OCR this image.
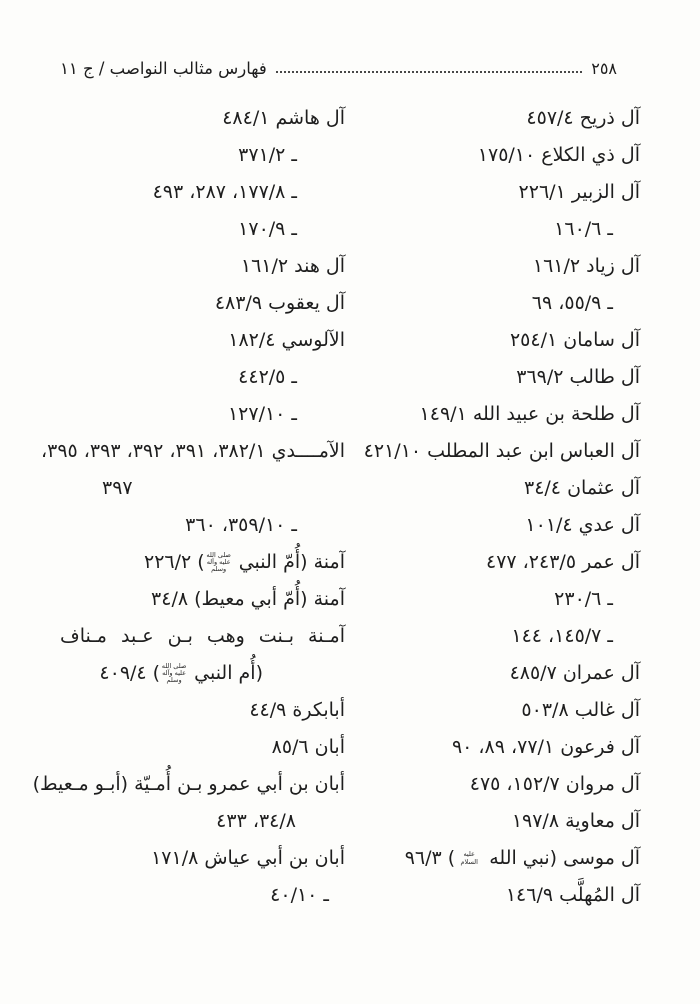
فهارس مثالب النواصب / ج ١١	٢٥٨
آل ذريح ٤٥٧/٤
آل ذي الكلاع ١٧٥/١٠
آل الزبير ٢٢٦/١
ـ ١٦٠/٦
آل زياد ١٦١/٢
ـ ٥٥/٩، ٦٩
آل سامان ٢٥٤/١
آل طالب ٣٦٩/٢
آل طلحة بن عبيد الله ١٤٩/١
آل العباس ابن عبد المطلب ٤٢١/١٠
آل عثمان ٣٤/٤
آل عدي ١٠١/٤
آل عمر ٢٤٣/٥، ٤٧٧
ـ ٢٣٠/٦
ـ ١٤٥/٧، ١٤٤
آل عمران ٤٨٥/٧
آل غالب ٥٠٣/٨
آل فرعون ٧٧/١، ٨٩، ٩٠
آل مروان ١٥٢/٧، ٤٧٥
آل معاوية ١٩٧/٨
آل موسى (نبي الله عليه السلام) ٩٦/٣
آل المُهلَّب ١٤٦/٩
آل هاشم ٤٨٤/١
ـ ٣٧١/٢
ـ ١٧٧/٨، ٢٨٧، ٤٩٣
ـ ١٧٠/٩
آل هند ١٦١/٢
آل يعقوب ٤٨٣/٩
الآلوسي ١٨٢/٤
ـ ٤٤٢/٥
ـ ١٢٧/١٠
الآمــــدي ٣٨٢/١، ٣٩١، ٣٩٢، ٣٩٣، ٣٩٥،
٣٩٧
ـ ٣٥٩/١٠، ٣٦٠
آمنة (أُمّ النبي صلى الله عليه وآله وسلم) ٢٢٦/٢
آمنة (أُمّ أبي معيط) ٣٤/٨
آمـنة بـنت وهب بـن عـبد مـناف
(أُم النبي صلى الله عليه وآله وسلم) ٤٠٩/٤
أبابكرة ٤٤/٩
أبان ٨٥/٦
أبان بن أبي عمرو بـن أُمـيّة (أبـو مـعيط)
٣٤/٨، ٤٣٣
أبان بن أبي عياش ١٧١/٨
ـ ٤٠/١٠
